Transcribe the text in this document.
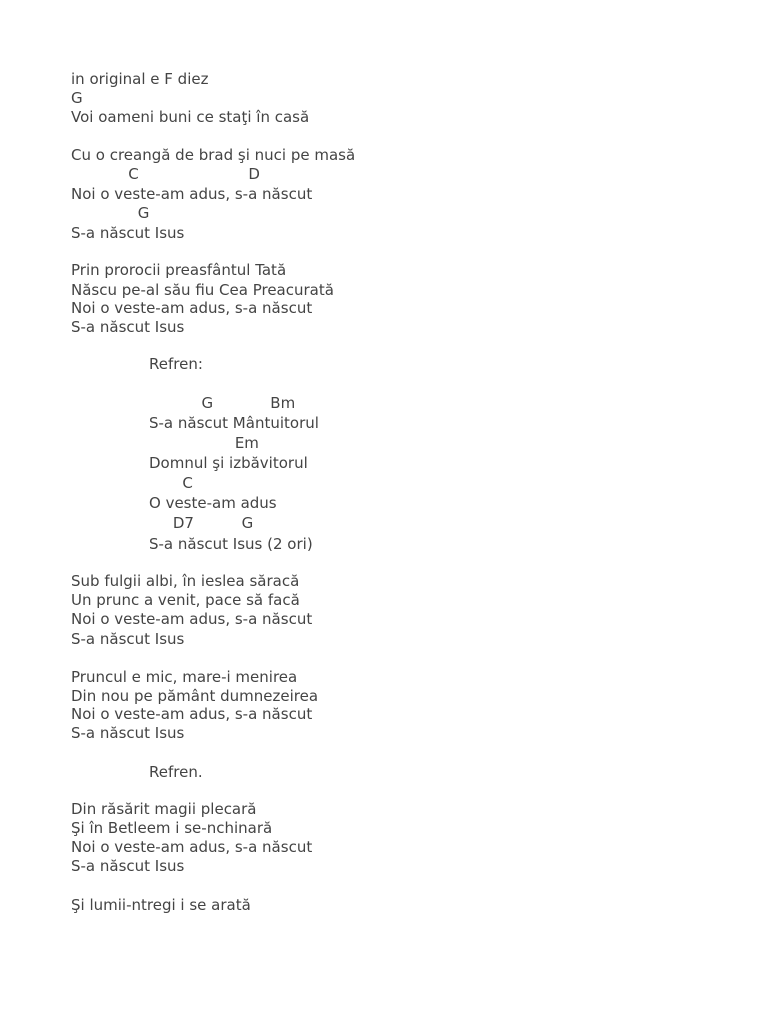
in original e F diez

G

Voi oameni buni ce staţi în casă

Cu o creangă de brad şi nuci pe masă

C                       D

Noi o veste-am adus, s-a născut

G

S-a născut Isus

Prin prorocii preasfântul Tată

Născu pe-al său fiu Cea Preacurată

Noi o veste-am adus, s-a născut

S-a născut Isus

Refren:

G            Bm

S-a născut Mântuitorul

Em

Domnul şi izbăvitorul

C

O veste-am adus

D7          G

S-a născut Isus (2 ori)

Sub fulgii albi, în ieslea săracă

Un prunc a venit, pace să facă

Noi o veste-am adus, s-a născut

S-a născut Isus

Pruncul e mic, mare-i menirea

Din nou pe pământ dumnezeirea

Noi o veste-am adus, s-a născut

S-a născut Isus

Refren.

Din răsărit magii plecară

Şi în Betleem i se-nchinară

Noi o veste-am adus, s-a născut

S-a născut Isus

Şi lumii-ntregi i se arată
